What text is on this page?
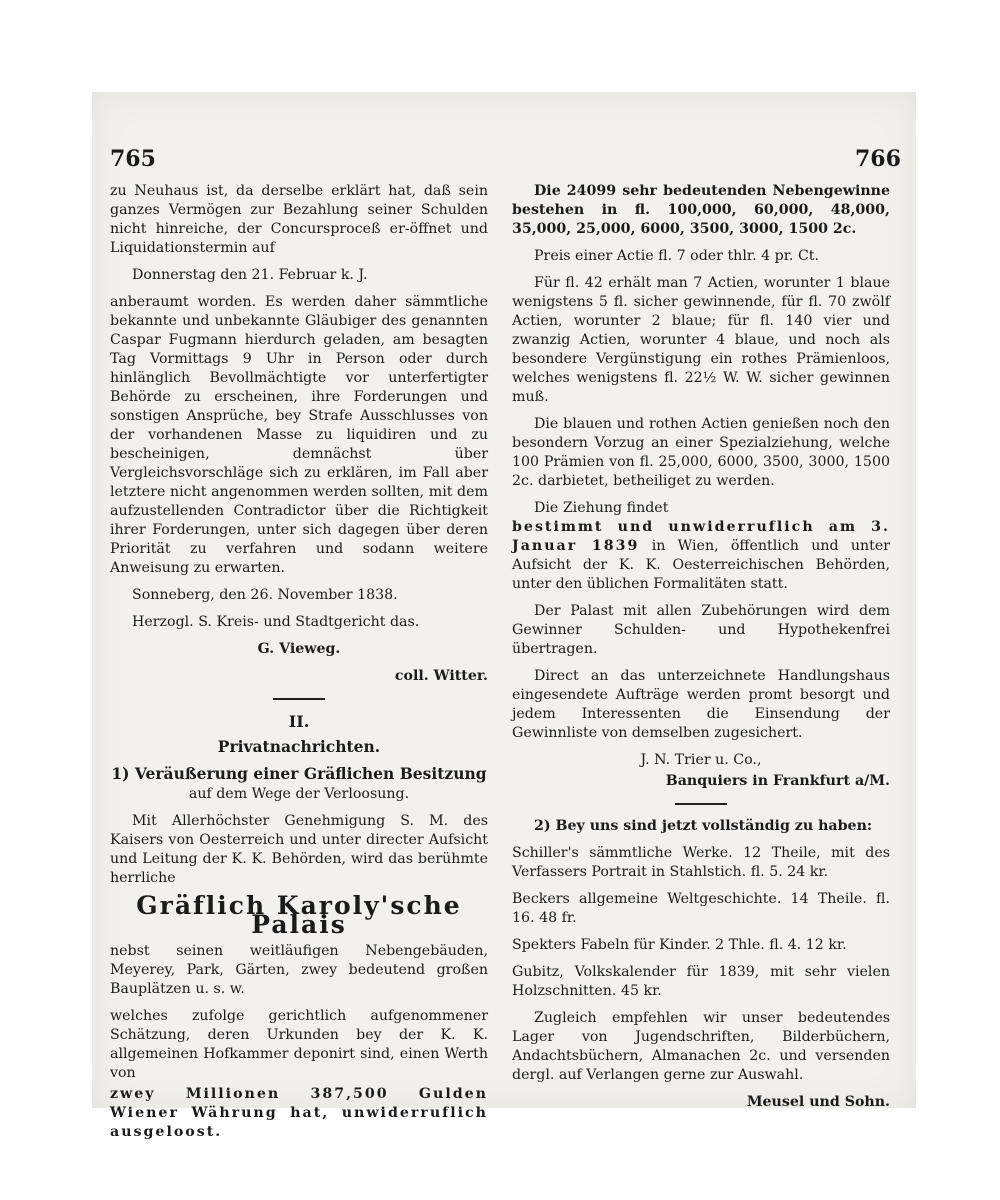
765	766

zu Neuhaus ist, da derselbe erklärt hat, daß sein ganzes Vermögen zur Bezahlung seiner Schulden nicht hinreiche, der Concursproceß er-öffnet und Liquidationstermin auf

Donnerstag den 21. Februar k. J.

anberaumt worden. Es werden daher sämmtliche bekannte und unbekannte Gläubiger des genannten Caspar Fugmann hierdurch geladen, am besagten Tag Vormittags 9 Uhr in Person oder durch hinlänglich Bevollmächtigte vor unterfertigter Behörde zu erscheinen, ihre Forderungen und sonstigen Ansprüche, bey Strafe Ausschlusses von der vorhandenen Masse zu liquidiren und zu bescheinigen, demnächst über Vergleichsvorschläge sich zu erklären, im Fall aber letztere nicht angenommen werden sollten, mit dem aufzustellenden Contradictor über die Richtigkeit ihrer Forderungen, unter sich dagegen über deren Priorität zu verfahren und sodann weitere Anweisung zu erwarten.

Sonneberg, den 26. November 1838.

Herzogl. S. Kreis- und Stadtgericht das.

G. Vieweg.

coll. Witter.

II.
Privatnachrichten.

1) Veräußerung einer Gräflichen Besitzung

auf dem Wege der Verloosung.

Mit Allerhöchster Genehmigung S. M. des Kaisers von Oesterreich und unter directer Aufsicht und Leitung der K. K. Behörden, wird das berühmte herrliche

Gräflich Karoly'sche Palais

nebst seinen weitläufigen Nebengebäuden, Meyerey, Park, Gärten, zwey bedeutend großen Bauplätzen u. s. w.

welches zufolge gerichtlich aufgenommener Schätzung, deren Urkunden bey der K. K. allgemeinen Hofkammer deponirt sind, einen Werth von

zwey Millionen 387,500 Gulden Wiener Währung hat, unwiderruflich ausgeloost.

Die 24099 sehr bedeutenden Nebengewinne bestehen in fl. 100,000, 60,000, 48,000, 35,000, 25,000, 6000, 3500, 3000, 1500 2c.

Preis einer Actie fl. 7 oder thlr. 4 pr. Ct.

Für fl. 42 erhält man 7 Actien, worunter 1 blaue wenigstens 5 fl. sicher gewinnende, für fl. 70 zwölf Actien, worunter 2 blaue; für fl. 140 vier und zwanzig Actien, worunter 4 blaue, und noch als besondere Vergünstigung ein rothes Prämienloos, welches wenigstens fl. 22½ W. W. sicher gewinnen muß.

Die blauen und rothen Actien genießen noch den besondern Vorzug an einer Spezialziehung, welche 100 Prämien von fl. 25,000, 6000, 3500, 3000, 1500 2c. darbietet, betheiliget zu werden.

Die Ziehung findet
bestimmt und unwiderruflich am 3. Januar 1839 in Wien, öffentlich und unter Aufsicht der K. K. Oesterreichischen Behörden, unter den üblichen Formalitäten statt.

Der Palast mit allen Zubehörungen wird dem Gewinner Schulden- und Hypothekenfrei übertragen.

Direct an das unterzeichnete Handlungshaus eingesendete Aufträge werden promt besorgt und jedem Interessenten die Einsendung der Gewinnliste von demselben zugesichert.

J. N. Trier u. Co.,

Banquiers in Frankfurt a/M.

2) Bey uns sind jetzt vollständig zu haben:

Schiller's sämmtliche Werke. 12 Theile, mit des Verfassers Portrait in Stahlstich. fl. 5. 24 kr.

Beckers allgemeine Weltgeschichte. 14 Theile. fl. 16. 48 fr.

Spekters Fabeln für Kinder. 2 Thle. fl. 4. 12 kr.

Gubitz, Volkskalender für 1839, mit sehr vielen Holzschnitten. 45 kr.

Zugleich empfehlen wir unser bedeutendes Lager von Jugendschriften, Bilderbüchern, Andachtsbüchern, Almanachen 2c. und versenden dergl. auf Verlangen gerne zur Auswahl.

Meusel und Sohn.
